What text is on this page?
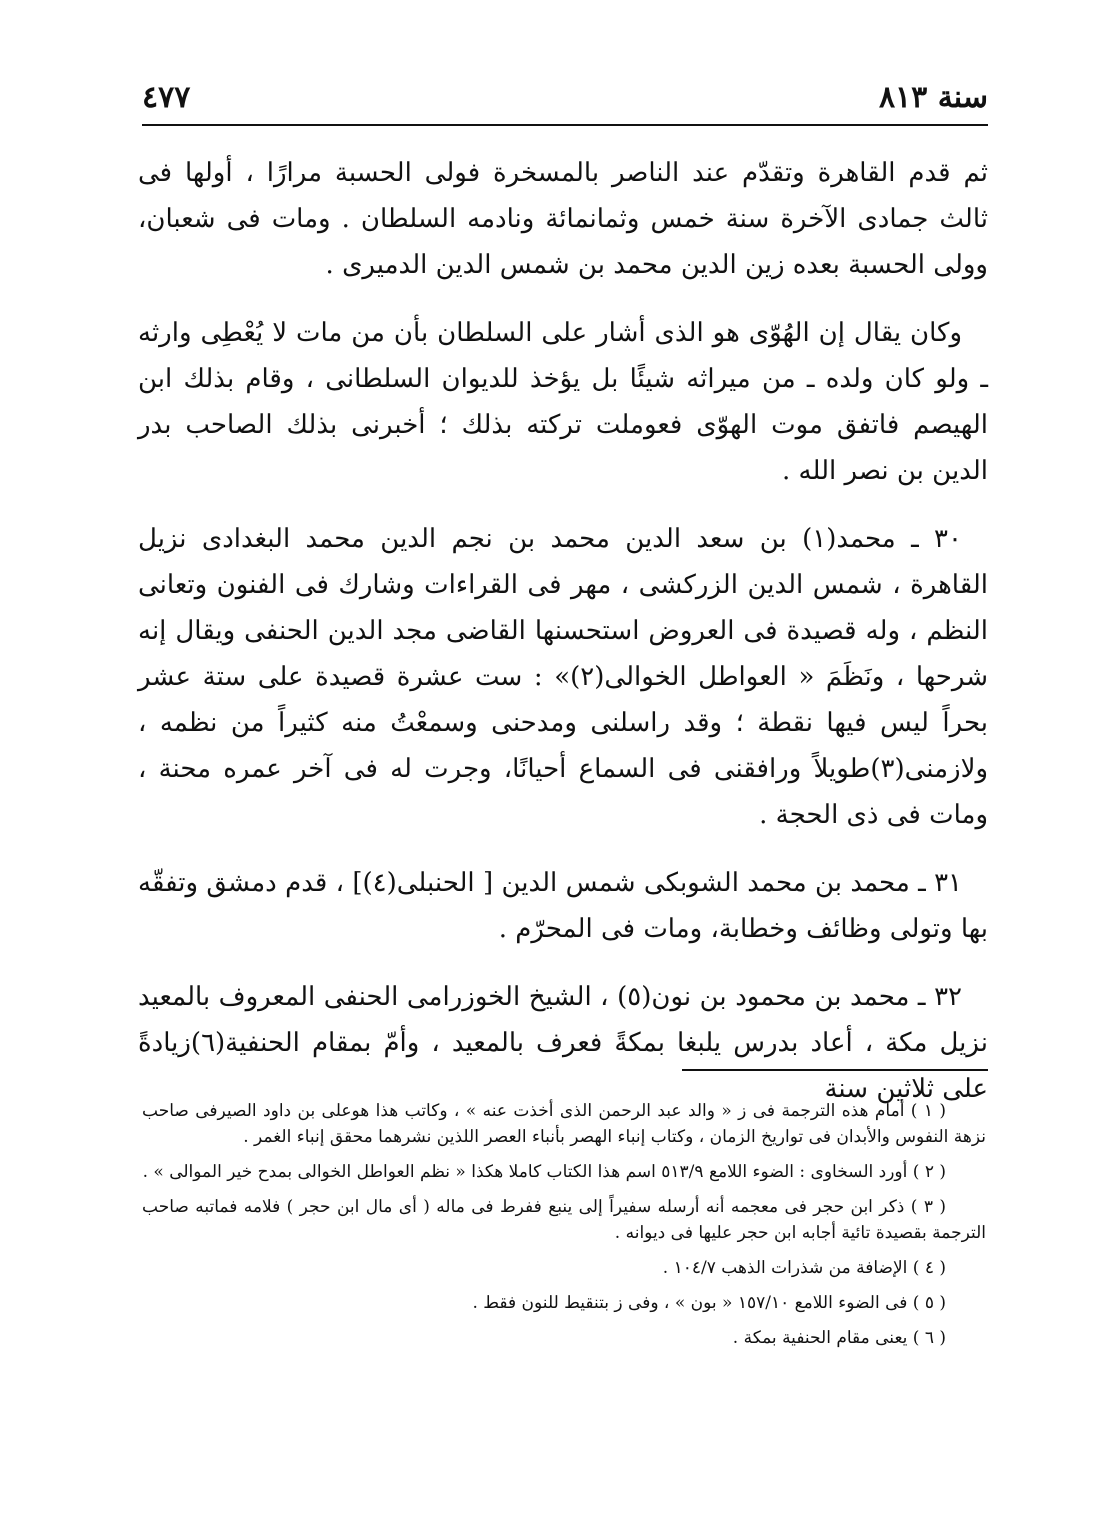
سنة ٨١٣
٤٧٧

ثم قدم القاهرة وتقدّم عند الناصر بالمسخرة فولى الحسبة مرارًا ، أولها فى ثالث جمادى الآخرة سنة خمس وثمانمائة ونادمه السلطان . ومات فى شعبان، وولى الحسبة بعده زين الدين محمد بن شمس الدين الدميرى .

وكان يقال إن الهُوّى هو الذى أشار على السلطان بأن من مات لا يُعْطِى وارثه ـ ولو كان ولده ـ من ميراثه شيئًا بل يؤخذ للديوان السلطانى ، وقام بذلك ابن الهيصم فاتفق موت الهوّى فعوملت تركته بذلك ؛ أخبرنى بذلك الصاحب بدر الدين بن نصر الله .

٣٠ ـ محمد(١) بن سعد الدين محمد بن نجم الدين محمد البغدادى نزيل القاهرة ، شمس الدين الزركشى ، مهر فى القراءات وشارك فى الفنون وتعانى النظم ، وله قصيدة فى العروض استحسنها القاضى مجد الدين الحنفى ويقال إنه شرحها ، ونَظَمَ « العواطل الخوالى(٢)» : ست عشرة قصيدة على ستة عشر بحراً ليس فيها نقطة ؛ وقد راسلنى ومدحنى وسمعْتُ منه كثيراً من نظمه ، ولازمنى(٣)طويلاً ورافقنى فى السماع أحيانًا، وجرت له فى آخر عمره محنة ، ومات فى ذى الحجة .

٣١ ـ محمد بن محمد الشوبكى شمس الدين [ الحنبلى(٤)] ، قدم دمشق وتفقّه بها وتولى وظائف وخطابة، ومات فى المحرّم .

٣٢ ـ محمد بن محمود بن نون(٥) ، الشيخ الخوزرامى الحنفى المعروف بالمعيد نزيل مكة ، أعاد بدرس يلبغا بمكةً فعرف بالمعيد ، وأمّ بمقام الحنفية(٦)زيادةً على ثلاثين سنة

( ١ ) أمام هذه الترجمة فى ز « والد عبد الرحمن الذى أخذت عنه » ، وكاتب هذا هوعلى بن داود الصيرفى صاحب نزهة النفوس والأبدان فى تواريخ الزمان ، وكتاب إنباء الهصر بأنباء العصر اللذين نشرهما محقق إنباء الغمر .

( ٢ ) أورد السخاوى : الضوء اللامع ٥١٣/٩ اسم هذا الكتاب كاملا هكذا « نظم العواطل الخوالى بمدح خير الموالى » .

( ٣ ) ذكر ابن حجر فى معجمه أنه أرسله سفيراً إلى ينبع ففرط فى ماله ( أى مال ابن حجر ) فلامه فماتبه صاحب الترجمة بقصيدة تائية أجابه ابن حجر عليها فى ديوانه .

( ٤ ) الإضافة من شذرات الذهب ١٠٤/٧ .

( ٥ ) فى الضوء اللامع ١٥٧/١٠ « بون » ، وفى ز بتنقيط للنون فقط .

( ٦ ) يعنى مقام الحنفية بمكة .
